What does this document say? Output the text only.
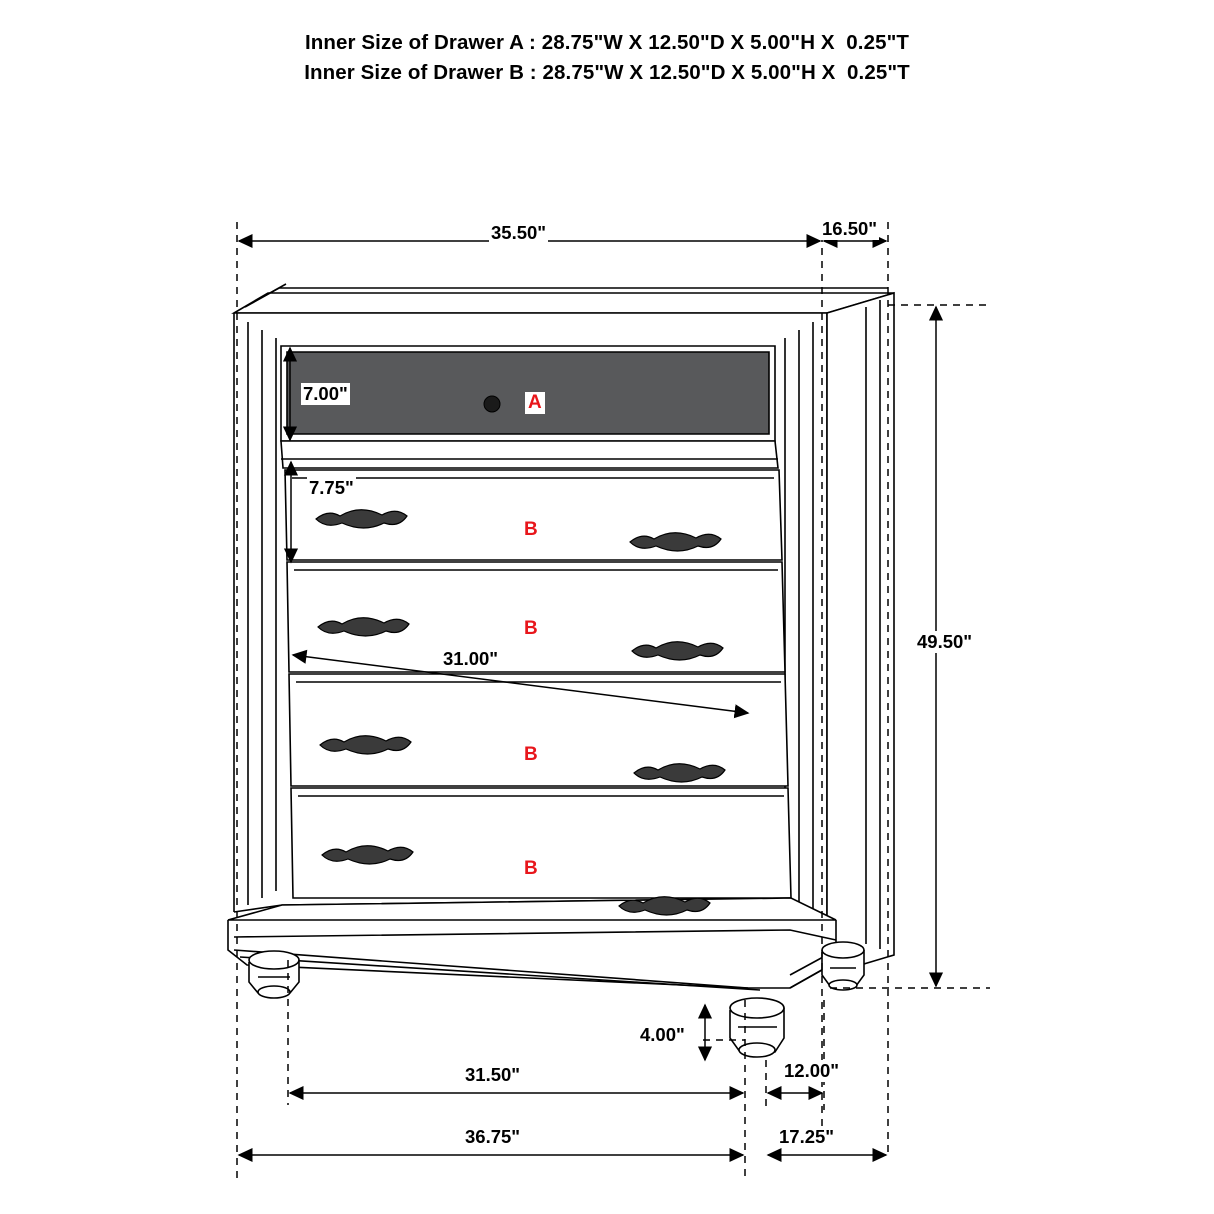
Inner Size of Drawer A : 28.75"W X 12.50"D X 5.00"H X  0.25"T
Inner Size of Drawer B : 28.75"W X 12.50"D X 5.00"H X  0.25"T
35.50"	16.50"
7.00"
7.75"
31.00"
49.50"
4.00"
12.00"
31.50"
36.75"	17.25"
A
B
B
B
B
